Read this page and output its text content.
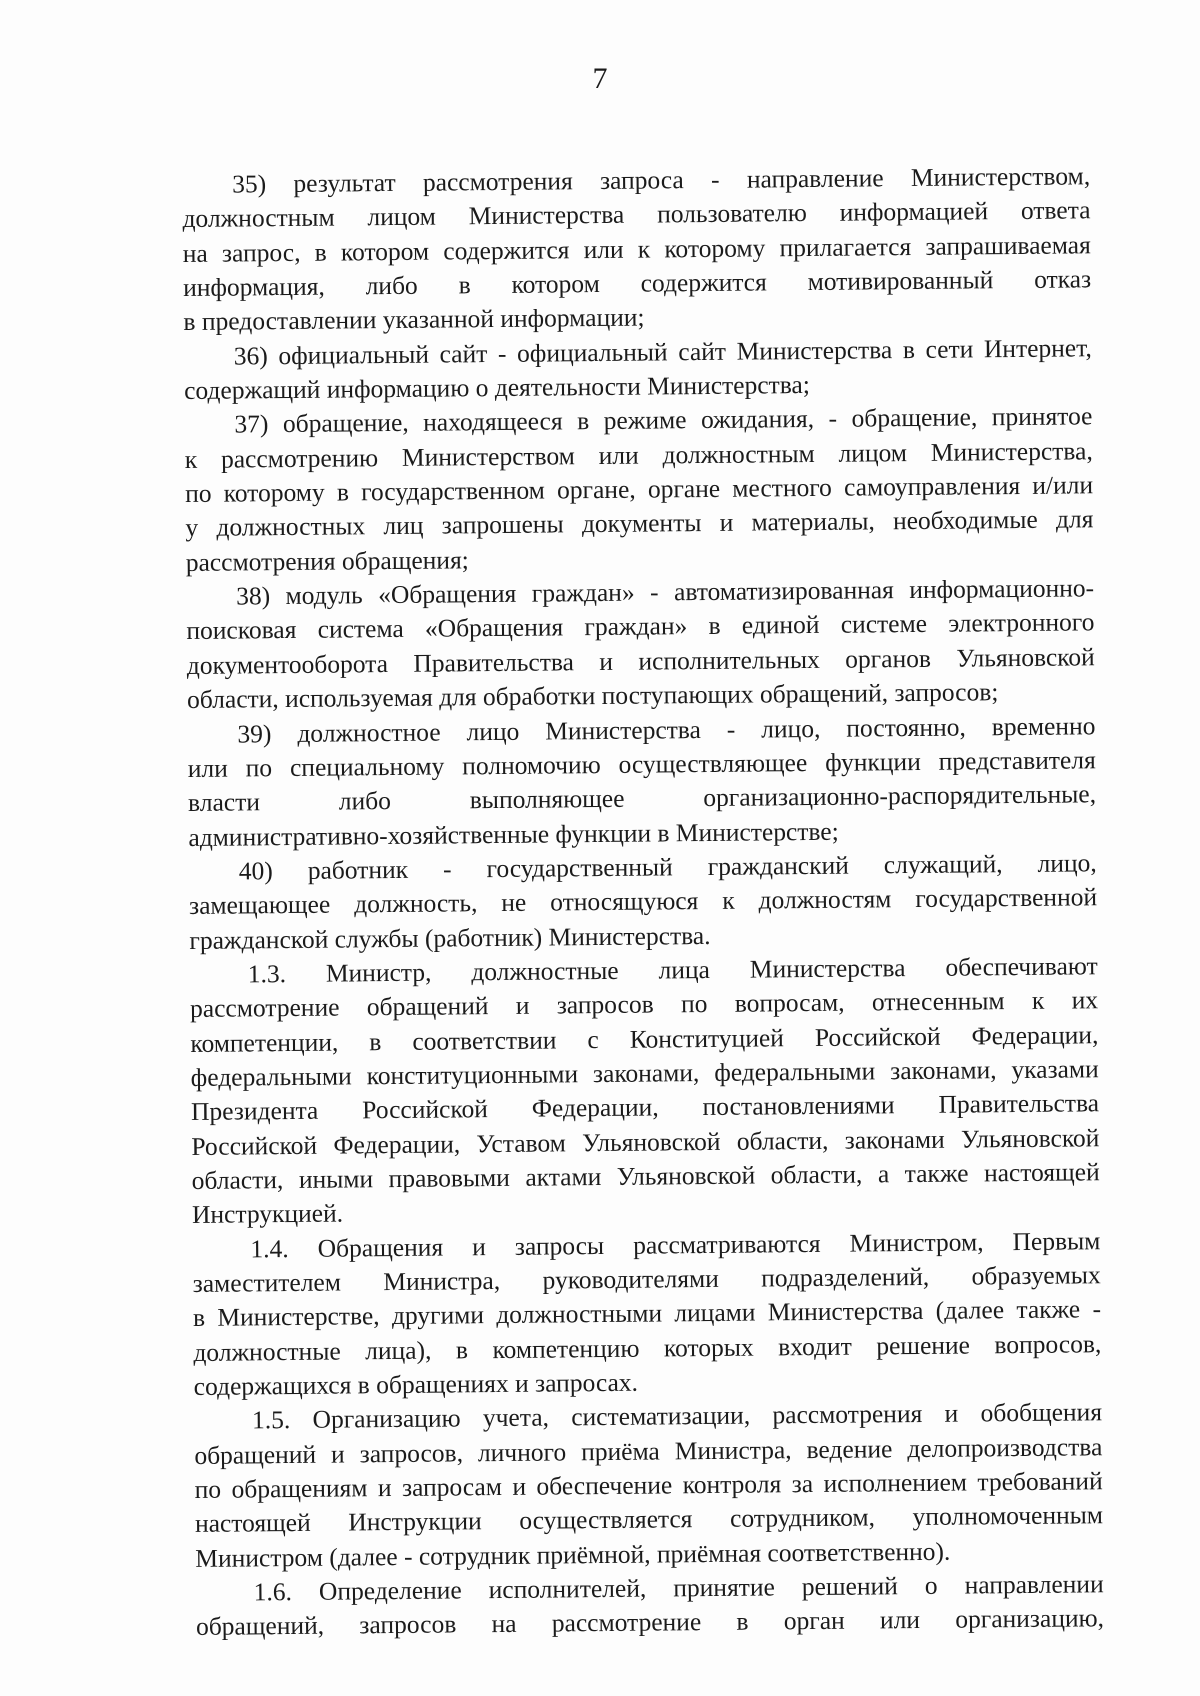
7
35) результат рассмотрения запроса - направление Министерством,
должностным лицом Министерства пользователю информацией ответа
на запрос, в котором содержится или к которому прилагается запрашиваемая
информация, либо в котором содержится мотивированный отказ
в предоставлении указанной информации;
36) официальный сайт - официальный сайт Министерства в сети Интернет,
содержащий информацию о деятельности Министерства;
37) обращение, находящееся в режиме ожидания, - обращение, принятое
к рассмотрению Министерством или должностным лицом Министерства,
по которому в государственном органе, органе местного самоуправления и/или
у должностных лиц запрошены документы и материалы, необходимые для
рассмотрения обращения;
38) модуль «Обращения граждан» - автоматизированная информационно-
поисковая система «Обращения граждан» в единой системе электронного
документооборота Правительства и исполнительных органов Ульяновской
области, используемая для обработки поступающих обращений, запросов;
39) должностное лицо Министерства - лицо, постоянно, временно
или по специальному полномочию осуществляющее функции представителя
власти либо выполняющее организационно-распорядительные,
административно-хозяйственные функции в Министерстве;
40) работник - государственный гражданский служащий, лицо,
замещающее должность, не относящуюся к должностям государственной
гражданской службы (работник) Министерства.
1.3. Министр, должностные лица Министерства обеспечивают
рассмотрение обращений и запросов по вопросам, отнесенным к их
компетенции, в соответствии с Конституцией Российской Федерации,
федеральными конституционными законами, федеральными законами, указами
Президента Российской Федерации, постановлениями Правительства
Российской Федерации, Уставом Ульяновской области, законами Ульяновской
области, иными правовыми актами Ульяновской области, а также настоящей
Инструкцией.
1.4. Обращения и запросы рассматриваются Министром, Первым
заместителем Министра, руководителями подразделений, образуемых
в Министерстве, другими должностными лицами Министерства (далее также -
должностные лица), в компетенцию которых входит решение вопросов,
содержащихся в обращениях и запросах.
1.5. Организацию учета, систематизации, рассмотрения и обобщения
обращений и запросов, личного приёма Министра, ведение делопроизводства
по обращениям и запросам и обеспечение контроля за исполнением требований
настоящей Инструкции осуществляется сотрудником, уполномоченным
Министром (далее - сотрудник приёмной, приёмная соответственно).
1.6. Определение исполнителей, принятие решений о направлении
обращений, запросов на рассмотрение в орган или организацию,
